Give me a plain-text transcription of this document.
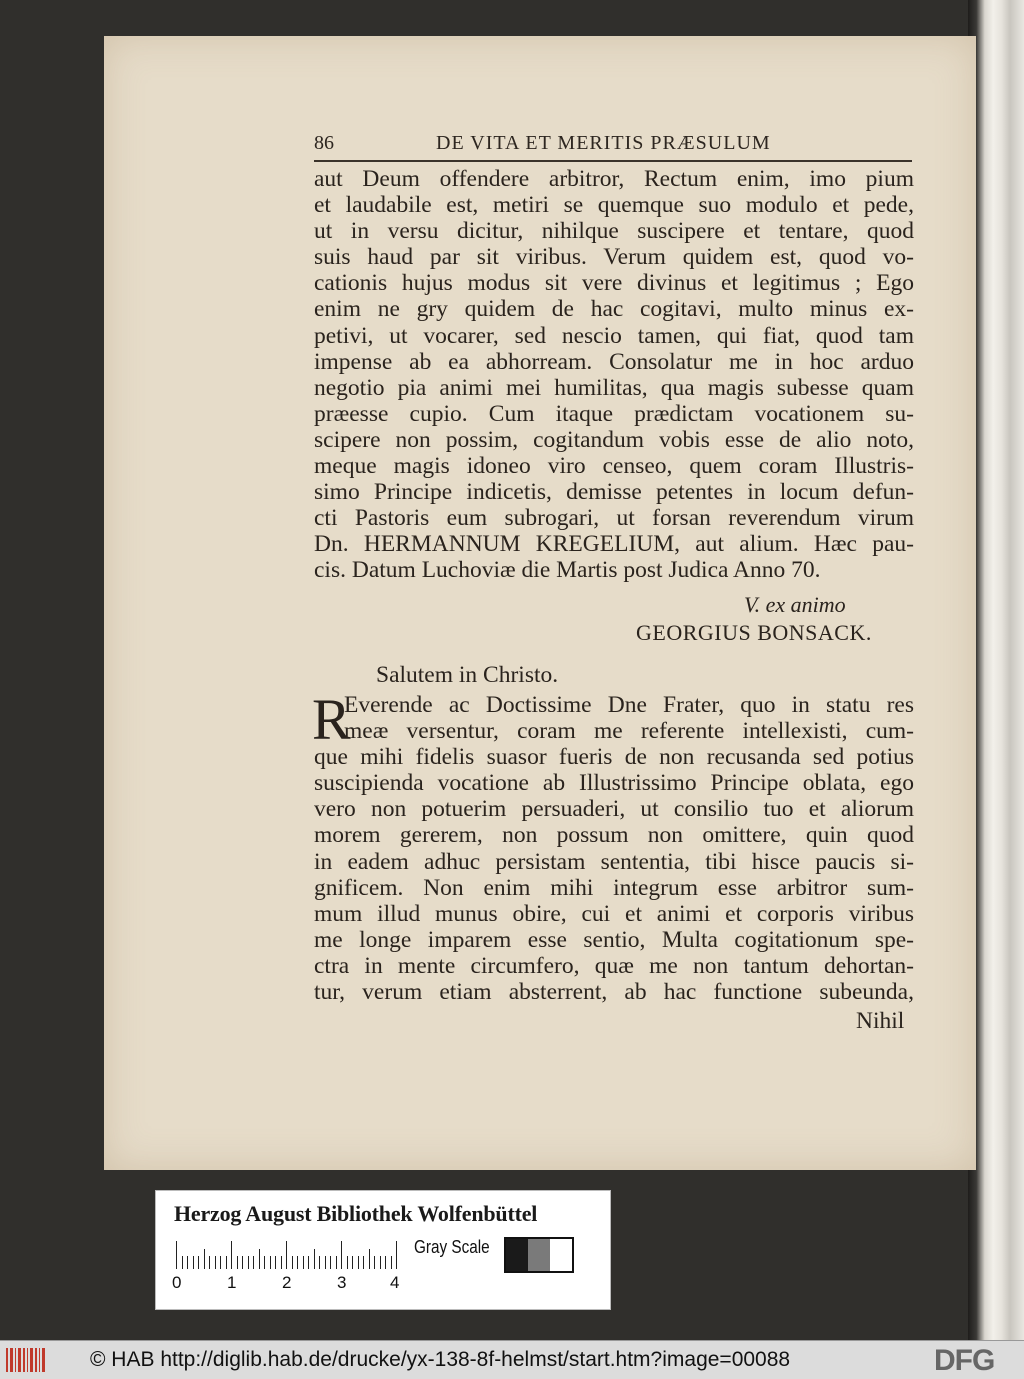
86	DE VITA ET MERITIS PRÆSULUM
aut Deum offendere arbitror, Rectum enim, imo pium
et laudabile est, metiri se quemque suo modulo et pede,
ut in versu dicitur, nihilque suscipere et tentare, quod
suis haud par sit viribus. Verum quidem est, quod vo-
cationis hujus modus sit vere divinus et legitimus ; Ego
enim ne gry quidem de hac cogitavi, multo minus ex-
petivi, ut vocarer, sed nescio tamen, qui fiat, quod tam
impense ab ea abhorream. Consolatur me in hoc arduo
negotio pia animi mei humilitas, qua magis subesse quam
præesse cupio. Cum itaque prædictam vocationem su-
scipere non possim, cogitandum vobis esse de alio noto,
meque magis idoneo viro censeo, quem coram Illustris-
simo Principe indicetis, demisse petentes in locum defun-
cti Pastoris eum subrogari, ut forsan reverendum virum
Dn. HERMANNUM KREGELIUM, aut alium. Hæc pau-
cis. Datum Luchoviæ die Martis post Judica Anno 70.
V. ex animo
GEORGIUS BONSACK.
Salutem in Christo.
R
Everende ac Doctissime Dne Frater, quo in statu res
meæ versentur, coram me referente intellexisti, cum-
que mihi fidelis suasor fueris de non recusanda sed potius
suscipienda vocatione ab Illustrissimo Principe oblata, ego
vero non potuerim persuaderi, ut consilio tuo et aliorum
morem gererem, non possum non omittere, quin quod
in eadem adhuc persistam sententia, tibi hisce paucis si-
gnificem. Non enim mihi integrum esse arbitror sum-
mum illud munus obire, cui et animi et corporis viribus
me longe imparem esse sentio, Multa cogitationum spe-
ctra in mente circumfero, quæ me non tantum dehortan-
tur, verum etiam absterrent, ab hac functione subeunda,
Nihil
Herzog August Bibliothek Wolfenbüttel
0	1	2	3	4
Gray Scale
© HAB http://diglib.hab.de/drucke/yx-138-8f-helmst/start.htm?image=00088	DFG
